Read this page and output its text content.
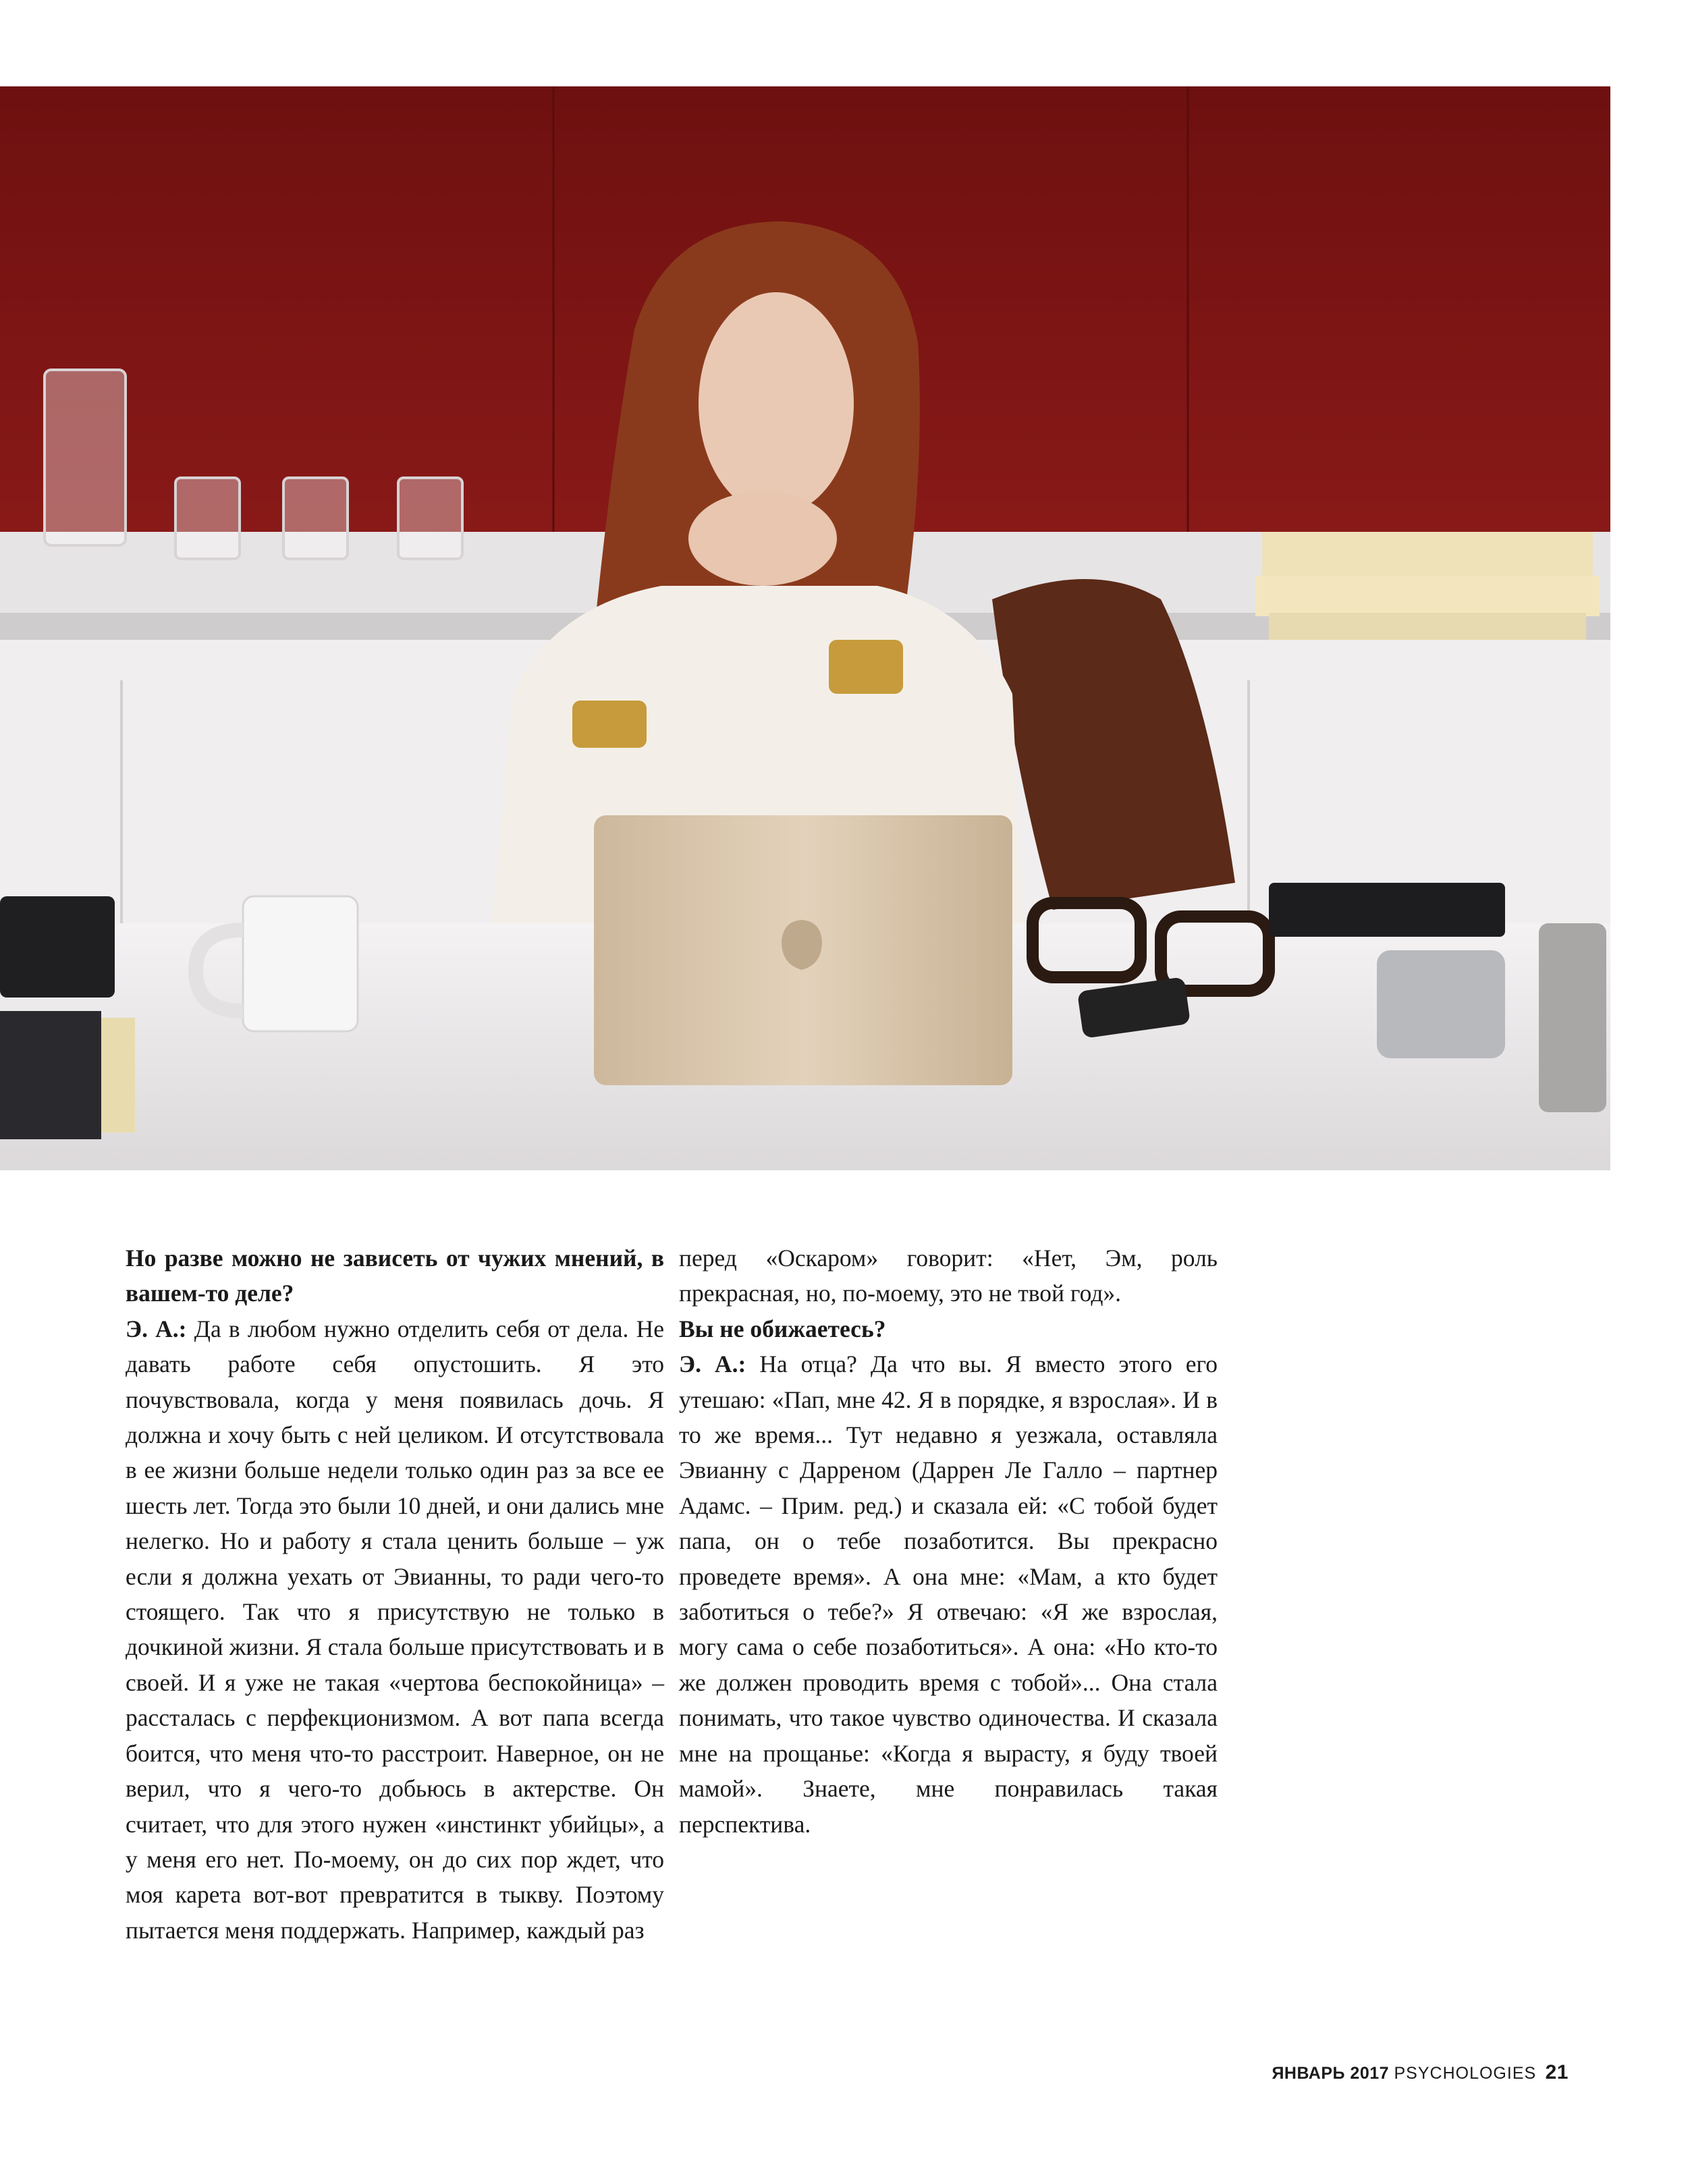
Но разве можно не зависеть от чужих мнений, в вашем-то деле?

Э. А.: Да в любом нужно отделить себя от дела. Не давать работе себя опустошить. Я это почувствовала, когда у меня появилась дочь. Я должна и хочу быть с ней целиком. И отсутствовала в ее жизни больше недели только один раз за все ее шесть лет. Тогда это были 10 дней, и они дались мне нелегко. Но и работу я стала ценить больше – уж если я должна уехать от Эвианны, то ради чего-то стоящего. Так что я присутствую не только в дочкиной жизни. Я стала больше присутствовать и в своей. И я уже не такая «чертова беспокойница» – рассталась с перфекционизмом. А вот папа всегда боится, что меня что-то расстроит. Наверное, он не верил, что я чего-то добьюсь в актерстве. Он считает, что для этого нужен «инстинкт убийцы», а у меня его нет. По-моему, он до сих пор ждет, что моя карета вот-вот превратится в тыкву. Поэтому пытается меня поддержать. Например, каждый раз

перед «Оскаром» говорит: «Нет, Эм, роль прекрасная, но, по-моему, это не твой год».

Вы не обижаетесь?

Э. А.: На отца? Да что вы. Я вместо этого его утешаю: «Пап, мне 42. Я в порядке, я взрослая». И в то же время... Тут недавно я уезжала, оставляла Эвианну с Дарреном (Даррен Ле Галло – партнер Адамс. – Прим. ред.) и сказала ей: «С тобой будет папа, он о тебе позаботится. Вы прекрасно проведете время». А она мне: «Мам, а кто будет заботиться о тебе?» Я отвечаю: «Я же взрослая, могу сама о себе позаботиться». А она: «Но кто-то же должен проводить время с тобой»... Она стала понимать, что такое чувство одиночества. И сказала мне на прощанье: «Когда я вырасту, я буду твоей мамой». Знаете, мне понравилась такая перспектива.

ЯНВАРЬ 2017 PSYCHOLOGIES 21
